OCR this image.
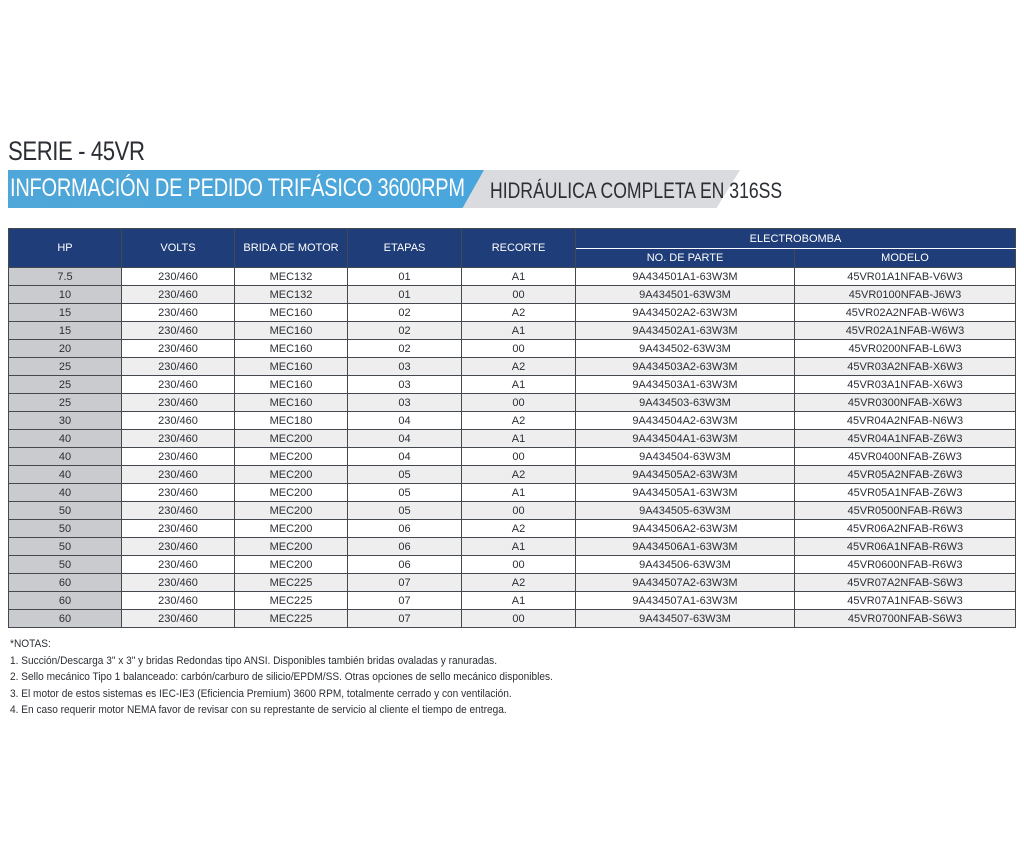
SERIE - 45VR
INFORMACIÓN DE PEDIDO TRIFÁSICO 3600RPM HIDRÁULICA COMPLETA EN 316SS
HP	VOLTS	BRIDA DE MOTOR	ETAPAS	RECORTE	ELECTROBOMBA	
					NO. DE PARTE	MODELO
7.5	230/460	MEC132	01	A1	9A434501A1-63W3M	45VR01A1NFAB-V6W3
10	230/460	MEC132	01	00	9A434501-63W3M	45VR0100NFAB-J6W3
15	230/460	MEC160	02	A2	9A434502A2-63W3M	45VR02A2NFAB-W6W3
15	230/460	MEC160	02	A1	9A434502A1-63W3M	45VR02A1NFAB-W6W3
20	230/460	MEC160	02	00	9A434502-63W3M	45VR0200NFAB-L6W3
25	230/460	MEC160	03	A2	9A434503A2-63W3M	45VR03A2NFAB-X6W3
25	230/460	MEC160	03	A1	9A434503A1-63W3M	45VR03A1NFAB-X6W3
25	230/460	MEC160	03	00	9A434503-63W3M	45VR0300NFAB-X6W3
30	230/460	MEC180	04	A2	9A434504A2-63W3M	45VR04A2NFAB-N6W3
40	230/460	MEC200	04	A1	9A434504A1-63W3M	45VR04A1NFAB-Z6W3
40	230/460	MEC200	04	00	9A434504-63W3M	45VR0400NFAB-Z6W3
40	230/460	MEC200	05	A2	9A434505A2-63W3M	45VR05A2NFAB-Z6W3
40	230/460	MEC200	05	A1	9A434505A1-63W3M	45VR05A1NFAB-Z6W3
50	230/460	MEC200	05	00	9A434505-63W3M	45VR0500NFAB-R6W3
50	230/460	MEC200	06	A2	9A434506A2-63W3M	45VR06A2NFAB-R6W3
50	230/460	MEC200	06	A1	9A434506A1-63W3M	45VR06A1NFAB-R6W3
50	230/460	MEC200	06	00	9A434506-63W3M	45VR0600NFAB-R6W3
60	230/460	MEC225	07	A2	9A434507A2-63W3M	45VR07A2NFAB-S6W3
60	230/460	MEC225	07	A1	9A434507A1-63W3M	45VR07A1NFAB-S6W3
60	230/460	MEC225	07	00	9A434507-63W3M	45VR0700NFAB-S6W3
*NOTAS:
1. Succión/Descarga 3" x 3" y bridas Redondas tipo ANSI. Disponibles también bridas ovaladas y ranuradas.
2. Sello mecánico Tipo 1 balanceado: carbón/carburo de silicio/EPDM/SS. Otras opciones de sello mecánico disponibles.
3. El motor de estos sistemas es IEC-IE3 (Eficiencia Premium) 3600 RPM, totalmente cerrado y con ventilación.
4. En caso requerir motor NEMA favor de revisar con su represtante de servicio al cliente el tiempo de entrega.
